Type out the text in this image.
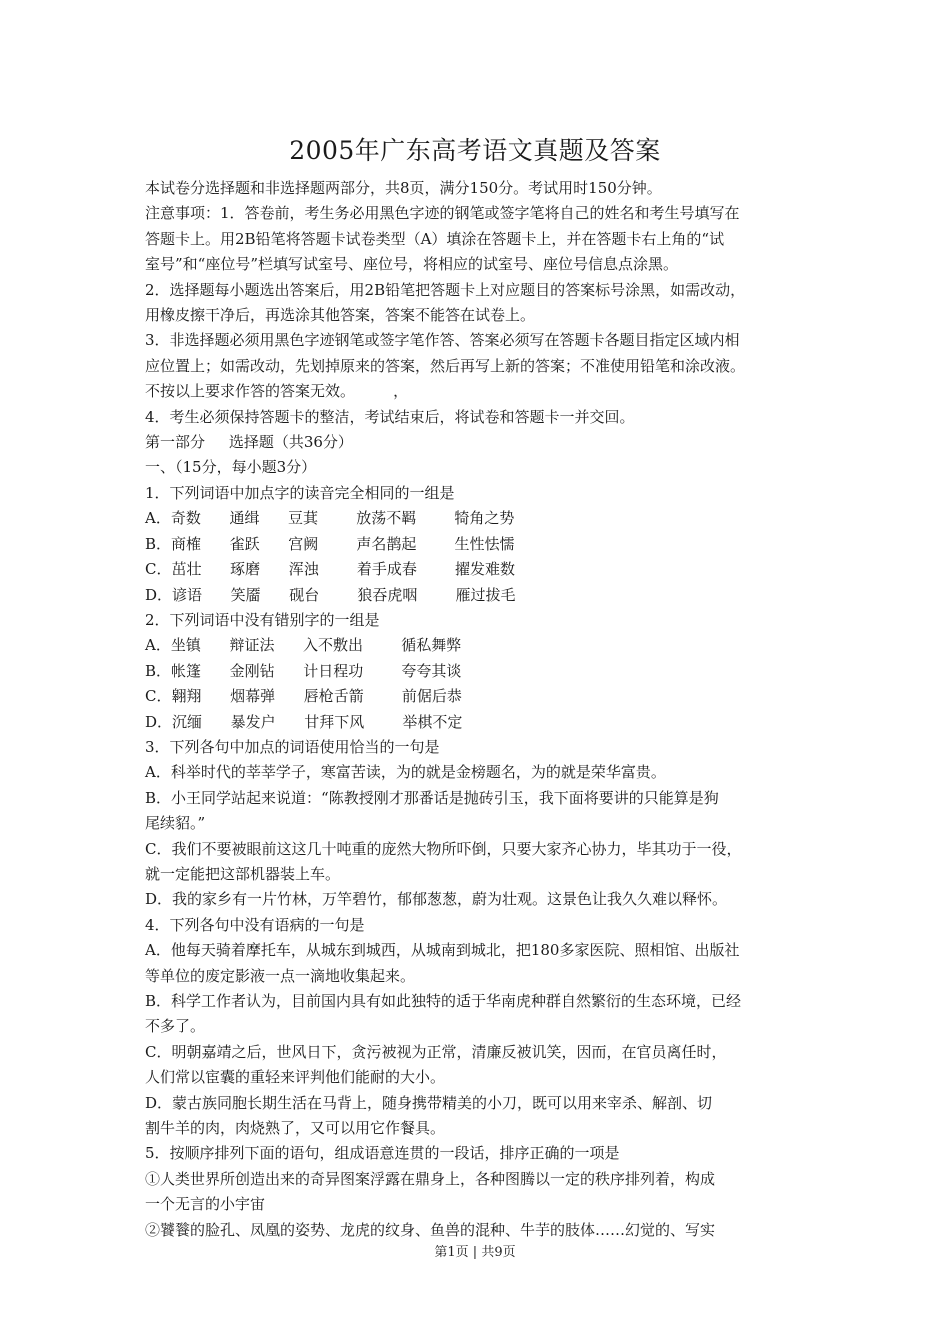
2005年广东高考语文真题及答案

本试卷分选择题和非选择题两部分，共8页，满分150分。考试用时150分钟。

注意事项：1．答卷前，考生务必用黑色字迹的钢笔或签字笔将自己的姓名和考生号填写在

答题卡上。用2B铅笔将答题卡试卷类型（A）填涂在答题卡上，并在答题卡右上角的“试

室号”和“座位号”栏填写试室号、座位号，将相应的试室号、座位号信息点涂黑。

2．选择题每小题选出答案后，用2B铅笔把答题卡上对应题目的答案标号涂黑，如需改动，

用橡皮擦干净后，再选涂其他答案，答案不能答在试卷上。

3．非选择题必须用黑色字迹钢笔或签字笔作答、答案必须写在答题卡各题目指定区域内相

应位置上；如需改动，先划掉原来的答案，然后再写上新的答案；不准使用铅笔和涂改液。

不按以上要求作答的答案无效。        ，

4．考生必须保持答题卡的整洁，考试结束后，将试卷和答题卡一并交回。

第一部分     选择题（共36分）

一、（15分，每小题3分）

1．下列词语中加点字的读音完全相同的一组是

A．奇数      通缉      豆萁        放荡不羁        犄角之势

B．商榷      雀跃      宫阙        声名鹊起        生性怯懦

C．茁壮      琢磨      浑浊        着手成春        擢发难数

D．谚语      笑靥      砚台        狼吞虎咽        雁过拔毛

2．下列词语中没有错别字的一组是

A．坐镇      辩证法      入不敷出        循私舞弊

B．帐篷      金刚钻      计日程功        夸夸其谈

C．翱翔      烟幕弹      唇枪舌箭        前倨后恭

D．沉缅      暴发户      甘拜下风        举棋不定

3．下列各句中加点的词语使用恰当的一句是

A．科举时代的莘莘学子，寒富苦读，为的就是金榜题名，为的就是荣华富贵。

B．小王同学站起来说道：“陈教授刚才那番话是抛砖引玉，我下面将要讲的只能算是狗

尾续貂。”

C．我们不要被眼前这这几十吨重的庞然大物所吓倒，只要大家齐心协力，毕其功于一役，

就一定能把这部机器装上车。

D．我的家乡有一片竹林，万竿碧竹，郁郁葱葱，蔚为壮观。这景色让我久久难以释怀。

4．下列各句中没有语病的一句是

A．他每天骑着摩托车，从城东到城西，从城南到城北，把180多家医院、照相馆、出版社

等单位的废定影液一点一滴地收集起来。

B．科学工作者认为，目前国内具有如此独特的适于华南虎种群自然繁衍的生态环境，已经

不多了。

C．明朝嘉靖之后，世风日下，贪污被视为正常，清廉反被讥笑，因而，在官员离任时，

人们常以宦囊的重轻来评判他们能耐的大小。

D．蒙古族同胞长期生活在马背上，随身携带精美的小刀，既可以用来宰杀、解剖、切

割牛羊的肉，肉烧熟了，又可以用它作餐具。

5．按顺序排列下面的语句，组成语意连贯的一段话，排序正确的一项是

①人类世界所创造出来的奇异图案浮露在鼎身上，各种图腾以一定的秩序排列着，构成

一个无言的小宇宙

②饕餮的脸孔、凤凰的姿势、龙虎的纹身、鱼兽的混种、牛芋的肢体……幻觉的、写实

第1页 | 共9页
